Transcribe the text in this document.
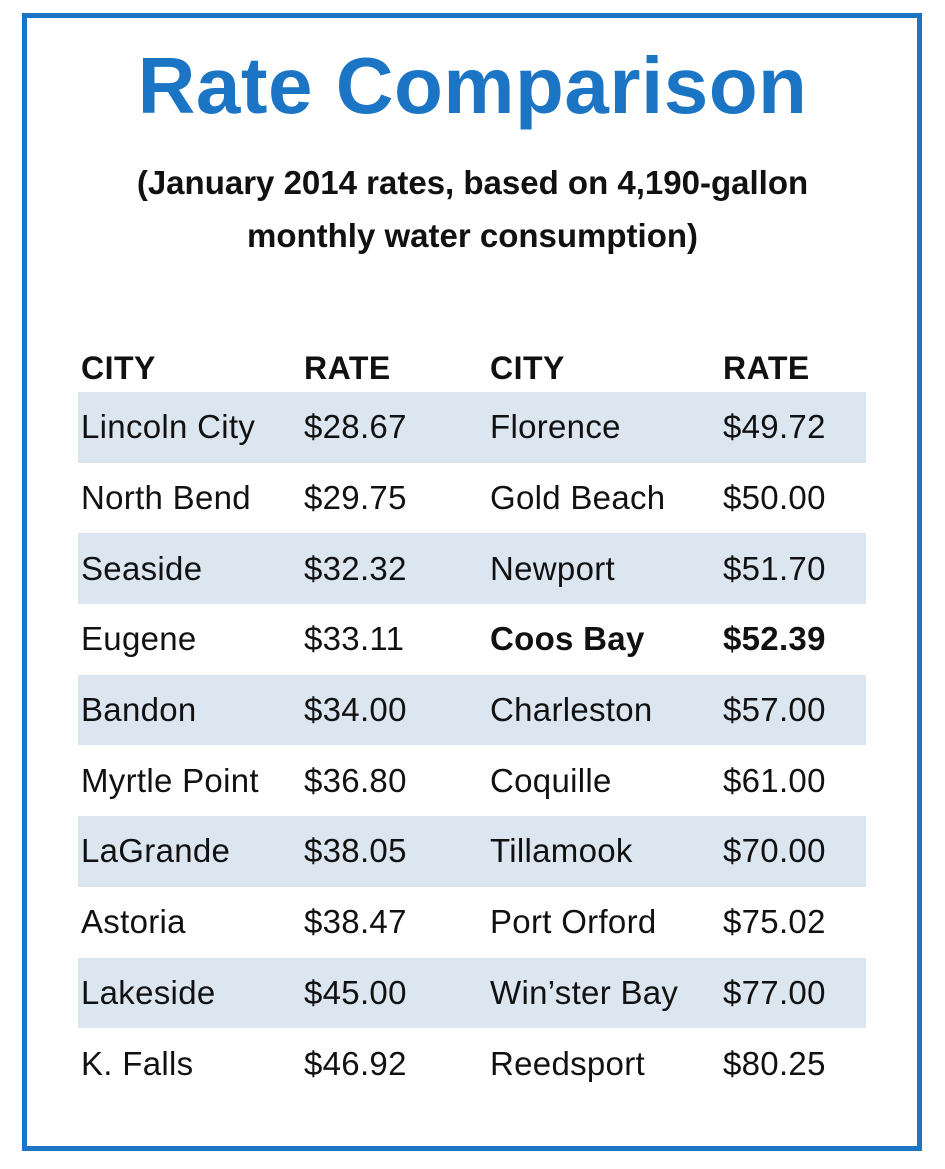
Rate Comparison
(January 2014 rates, based on 4,190-gallon
monthly water consumption)
CITY	RATE	CITY	RATE
Lincoln City $28.67	Florence	$49.72
North Bend $29.75	Gold Beach $50.00
Seaside	$32.32	Newport	$51.70
Eugene	$33.11	Coos Bay $52.39
Bandon	$34.00	Charleston $57.00
Myrtle Point $36.80	Coquille	$61.00
LaGrande $38.05	Tillamook	$70.00
Astoria	$38.47	Port Orford $75.02
Lakeside	$45.00	Win’ster Bay $77.00
K. Falls	$46.92	Reedsport $80.25
